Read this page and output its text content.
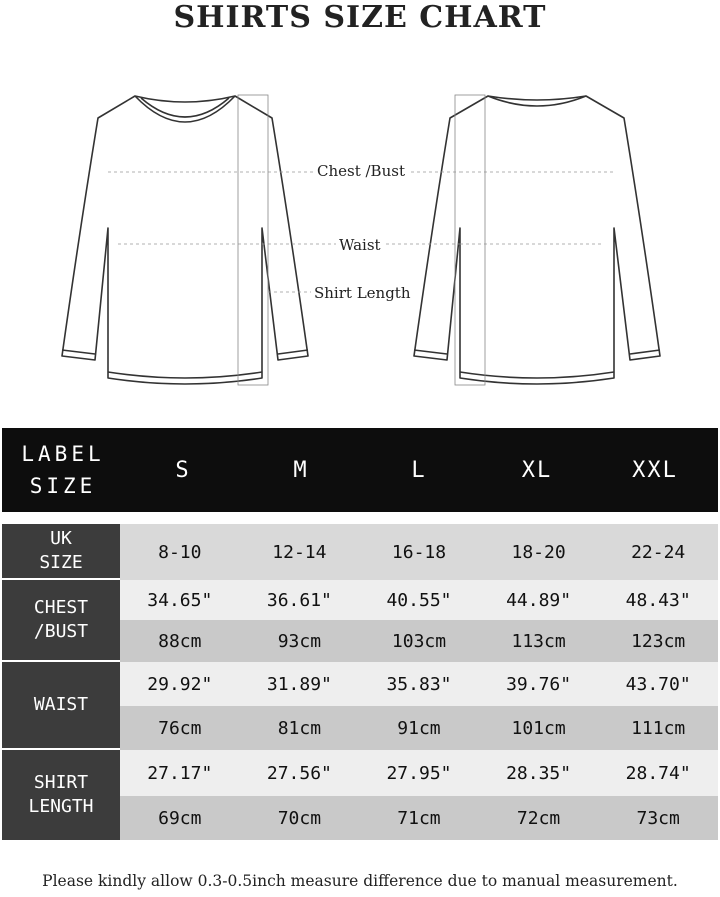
SHIRTS SIZE CHART
Chest /Bust
Waist
Shirt Length
LABEL
SIZE
S	M	L	XL	XXL
UK
SIZE	8-10	12-14	16-18	18-20	22-24
CHEST
/BUST
34.65"	36.61"	40.55"	44.89"	48.43"
88cm	93cm	103cm	113cm	123cm
WAIST
29.92"	31.89"	35.83"	39.76"	43.70"
76cm	81cm	91cm	101cm	111cm
SHIRT
LENGTH
27.17"	27.56"	27.95"	28.35"	28.74"
69cm	70cm	71cm	72cm	73cm
Please kindly allow 0.3-0.5inch measure difference due to manual measurement.
